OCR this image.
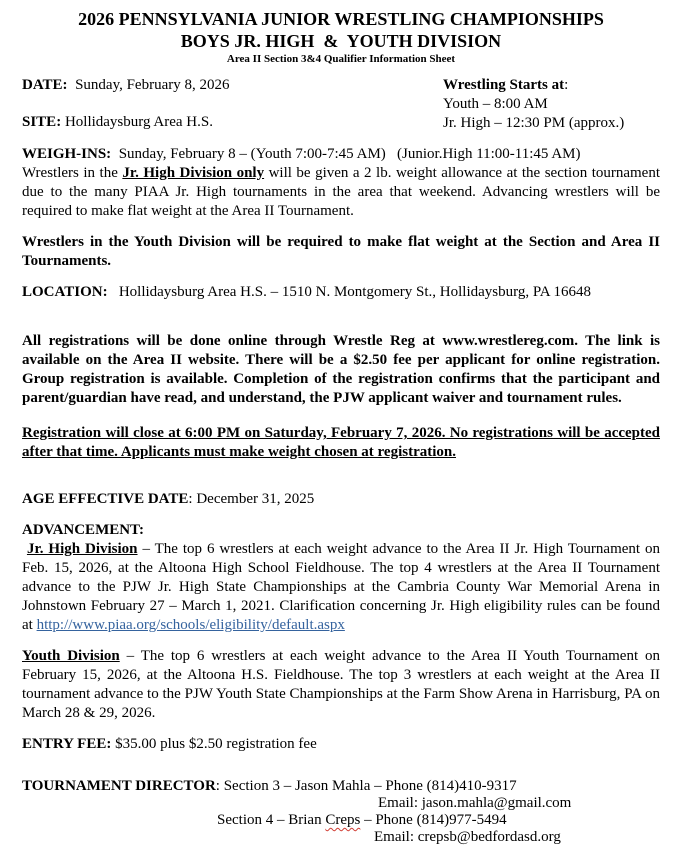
2026 PENNSYLVANIA JUNIOR WRESTLING CHAMPIONSHIPS
BOYS JR. HIGH  &  YOUTH DIVISION
Area II Section 3&4 Qualifier Information Sheet

DATE:  Sunday, February 8, 2026

SITE: Hollidaysburg Area H.S.

Wrestling Starts at:

Youth – 8:00 AM

Jr. High – 12:30 PM (approx.)

WEIGH-INS:  Sunday, February 8 – (Youth 7:00-7:45 AM)   (Junior.High 11:00-11:45 AM)

Wrestlers in the Jr. High Division only will be given a 2 lb. weight allowance at the section tournament due to the many PIAA Jr. High tournaments in the area that weekend. Advancing wrestlers will be required to make flat weight at the Area II Tournament.

Wrestlers in the Youth Division will be required to make flat weight at the Section and Area II Tournaments.

LOCATION:   Hollidaysburg Area H.S. – 1510 N. Montgomery St., Hollidaysburg, PA 16648

All registrations will be done online through Wrestle Reg at www.wrestlereg.com. The link is available on the Area II website. There will be a $2.50 fee per applicant for online registration. Group registration is available. Completion of the registration confirms that the participant and parent/guardian have read, and understand, the PJW applicant waiver and tournament rules.

Registration will close at 6:00 PM on Saturday, February 7, 2026. No registrations will be accepted after that time. Applicants must make weight chosen at registration.

AGE EFFECTIVE DATE: December 31, 2025

ADVANCEMENT:

Jr. High Division – The top 6 wrestlers at each weight advance to the Area II Jr. High Tournament on Feb. 15, 2026, at the Altoona High School Fieldhouse. The top 4 wrestlers at the Area II Tournament advance to the PJW Jr. High State Championships at the Cambria County War Memorial Arena in Johnstown February 27 – March 1, 2021. Clarification concerning Jr. High eligibility rules can be found at http://www.piaa.org/schools/eligibility/default.aspx

Youth Division – The top 6 wrestlers at each weight advance to the Area II Youth Tournament on February 15, 2026, at the Altoona H.S. Fieldhouse. The top 3 wrestlers at each weight at the Area II tournament advance to the PJW Youth State Championships at the Farm Show Arena in Harrisburg, PA on March 28 & 29, 2026.

ENTRY FEE: $35.00 plus $2.50 registration fee

TOURNAMENT DIRECTOR: Section 3 – Jason Mahla – Phone (814)410-9317

Email: jason.mahla@gmail.com

Section 4 – Brian Creps – Phone (814)977-5494

Email: crepsb@bedfordasd.org
